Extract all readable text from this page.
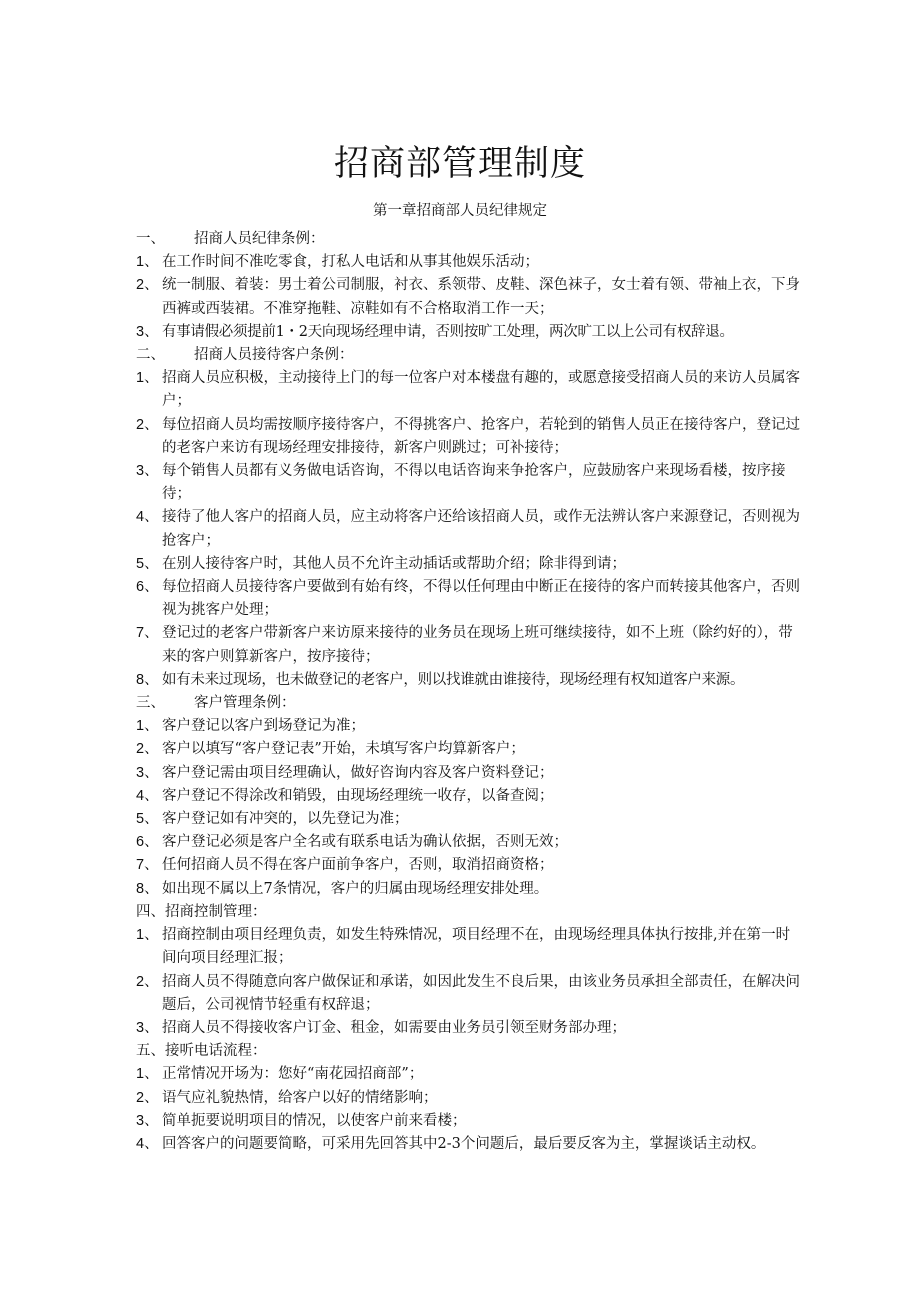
招商部管理制度
第一章招商部人员纪律规定
一、 招商人员纪律条例：
1、 在工作时间不准吃零食，打私人电话和从事其他娱乐活动；
2、 统一制服、着装：男士着公司制服，衬衣、系领带、皮鞋、深色袜子，女士着有领、带袖上衣，下身西裤或西装裙。不准穿拖鞋、凉鞋如有不合格取消工作一天；
3、 有事请假必须提前1・2天向现场经理申请，否则按旷工处理，两次旷工以上公司有权辞退。
二、 招商人员接待客户条例：
1、 招商人员应积极，主动接待上门的每一位客户对本楼盘有趣的，或愿意接受招商人员的来访人员属客户；
2、 每位招商人员均需按顺序接待客户，不得挑客户、抢客户，若轮到的销售人员正在接待客户，登记过的老客户来访有现场经理安排接待，新客户则跳过；可补接待；
3、 每个销售人员都有义务做电话咨询，不得以电话咨询来争抢客户，应鼓励客户来现场看楼，按序接待；
4、 接待了他人客户的招商人员，应主动将客户还给该招商人员，或作无法辨认客户来源登记，否则视为抢客户；
5、 在别人接待客户时，其他人员不允许主动插话或帮助介绍；除非得到请；
6、 每位招商人员接待客户要做到有始有终，不得以任何理由中断正在接待的客户而转接其他客户，否则视为挑客户处理；
7、 登记过的老客户带新客户来访原来接待的业务员在现场上班可继续接待，如不上班（除约好的），带来的客户则算新客户，按序接待；
8、 如有未来过现场，也未做登记的老客户，则以找谁就由谁接待，现场经理有权知道客户来源。
三、 客户管理条例：
1、 客户登记以客户到场登记为准；
2、 客户以填写“客户登记表”开始，未填写客户均算新客户；
3、 客户登记需由项目经理确认，做好咨询内容及客户资料登记；
4、 客户登记不得涂改和销毁，由现场经理统一收存，以备查阅；
5、 客户登记如有冲突的，以先登记为准；
6、 客户登记必须是客户全名或有联系电话为确认依据，否则无效；
7、 任何招商人员不得在客户面前争客户，否则，取消招商资格；
8、 如出现不属以上7条情况，客户的归属由现场经理安排处理。
四、招商控制管理：
1、 招商控制由项目经理负责，如发生特殊情况，项目经理不在，由现场经理具体执行按排,并在第一时间向项目经理汇报；
2、 招商人员不得随意向客户做保证和承诺，如因此发生不良后果，由该业务员承担全部责任，在解决问题后，公司视情节轻重有权辞退；
3、 招商人员不得接收客户订金、租金，如需要由业务员引领至财务部办理；
五、接听电话流程：
1、 正常情况开场为：您好“南花园招商部”；
2、 语气应礼貌热情，给客户以好的情绪影响；
3、 简单扼要说明项目的情况，以使客户前来看楼；
4、 回答客户的问题要简略，可采用先回答其中2-3个问题后，最后要反客为主，掌握谈话主动权。
